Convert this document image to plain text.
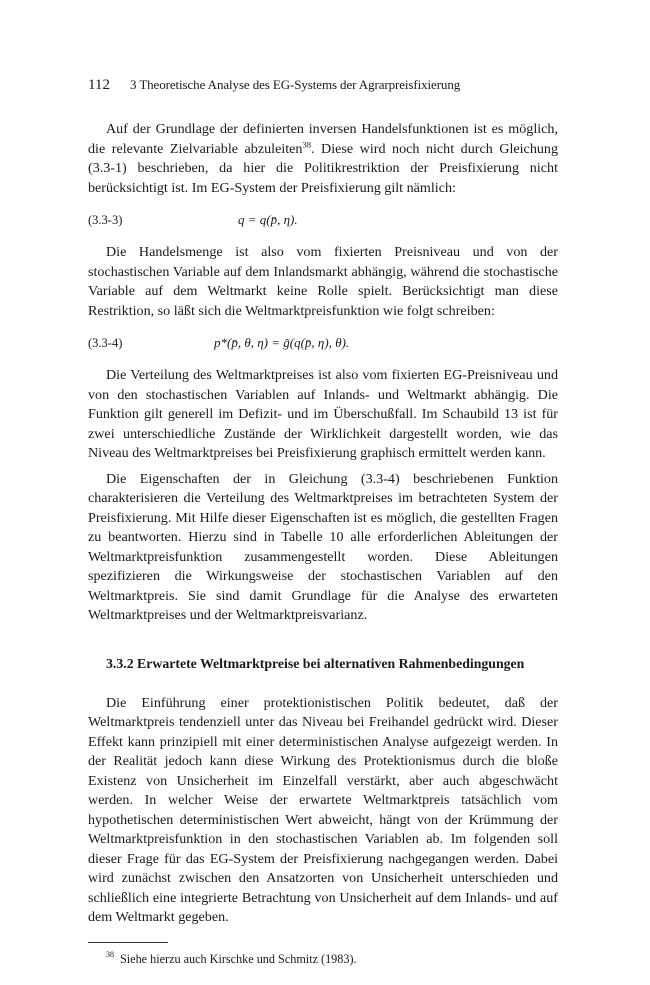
112	3 Theoretische Analyse des EG-Systems der Agrarpreisfixierung

Auf der Grundlage der definierten inversen Handelsfunktionen ist es möglich, die relevante Zielvariable abzuleiten$^{38}$. Diese wird noch nicht durch Gleichung (3.3-1) beschrieben, da hier die Politikrestriktion der Preisfixierung nicht berücksichtigt ist. Im EG-System der Preisfixierung gilt nämlich:

(3.3-3)	q = q(p̄, η).

Die Handelsmenge ist also vom fixierten Preisniveau und von der stochastischen Variable auf dem Inlandsmarkt abhängig, während die stochastische Variable auf dem Weltmarkt keine Rolle spielt. Berücksichtigt man diese Restriktion, so läßt sich die Weltmarktpreisfunktion wie folgt schreiben:

(3.3-4)	p*(p̄, θ, η) = g̃(q(p̄, η), θ).

Die Verteilung des Weltmarktpreises ist also vom fixierten EG-Preisniveau und von den stochastischen Variablen auf Inlands- und Weltmarkt abhängig. Die Funktion gilt generell im Defizit- und im Überschußfall. Im Schaubild 13 ist für zwei unterschiedliche Zustände der Wirklichkeit dargestellt worden, wie das Niveau des Weltmarktpreises bei Preisfixierung graphisch ermittelt werden kann.

Die Eigenschaften der in Gleichung (3.3-4) beschriebenen Funktion charakterisieren die Verteilung des Weltmarktpreises im betrachteten System der Preisfixierung. Mit Hilfe dieser Eigenschaften ist es möglich, die gestellten Fragen zu beantworten. Hierzu sind in Tabelle 10 alle erforderlichen Ableitungen der Weltmarktpreisfunktion zusammengestellt worden. Diese Ableitungen spezifizieren die Wirkungsweise der stochastischen Variablen auf den Weltmarktpreis. Sie sind damit Grundlage für die Analyse des erwarteten Weltmarktpreises und der Weltmarktpreisvarianz.

3.3.2 Erwartete Weltmarktpreise bei alternativen Rahmenbedingungen

Die Einführung einer protektionistischen Politik bedeutet, daß der Weltmarktpreis tendenziell unter das Niveau bei Freihandel gedrückt wird. Dieser Effekt kann prinzipiell mit einer deterministischen Analyse aufgezeigt werden. In der Realität jedoch kann diese Wirkung des Protektionismus durch die bloße Existenz von Unsicherheit im Einzelfall verstärkt, aber auch abgeschwächt werden. In welcher Weise der erwartete Weltmarktpreis tatsächlich vom hypothetischen deterministischen Wert abweicht, hängt von der Krümmung der Weltmarktpreisfunktion in den stochastischen Variablen ab. Im folgenden soll dieser Frage für das EG-System der Preisfixierung nachgegangen werden. Dabei wird zunächst zwischen den Ansatzorten von Unsicherheit unterschieden und schließlich eine integrierte Betrachtung von Unsicherheit auf dem Inlands- und auf dem Weltmarkt gegeben.

$^{38}$ Siehe hierzu auch Kirschke und Schmitz (1983).
